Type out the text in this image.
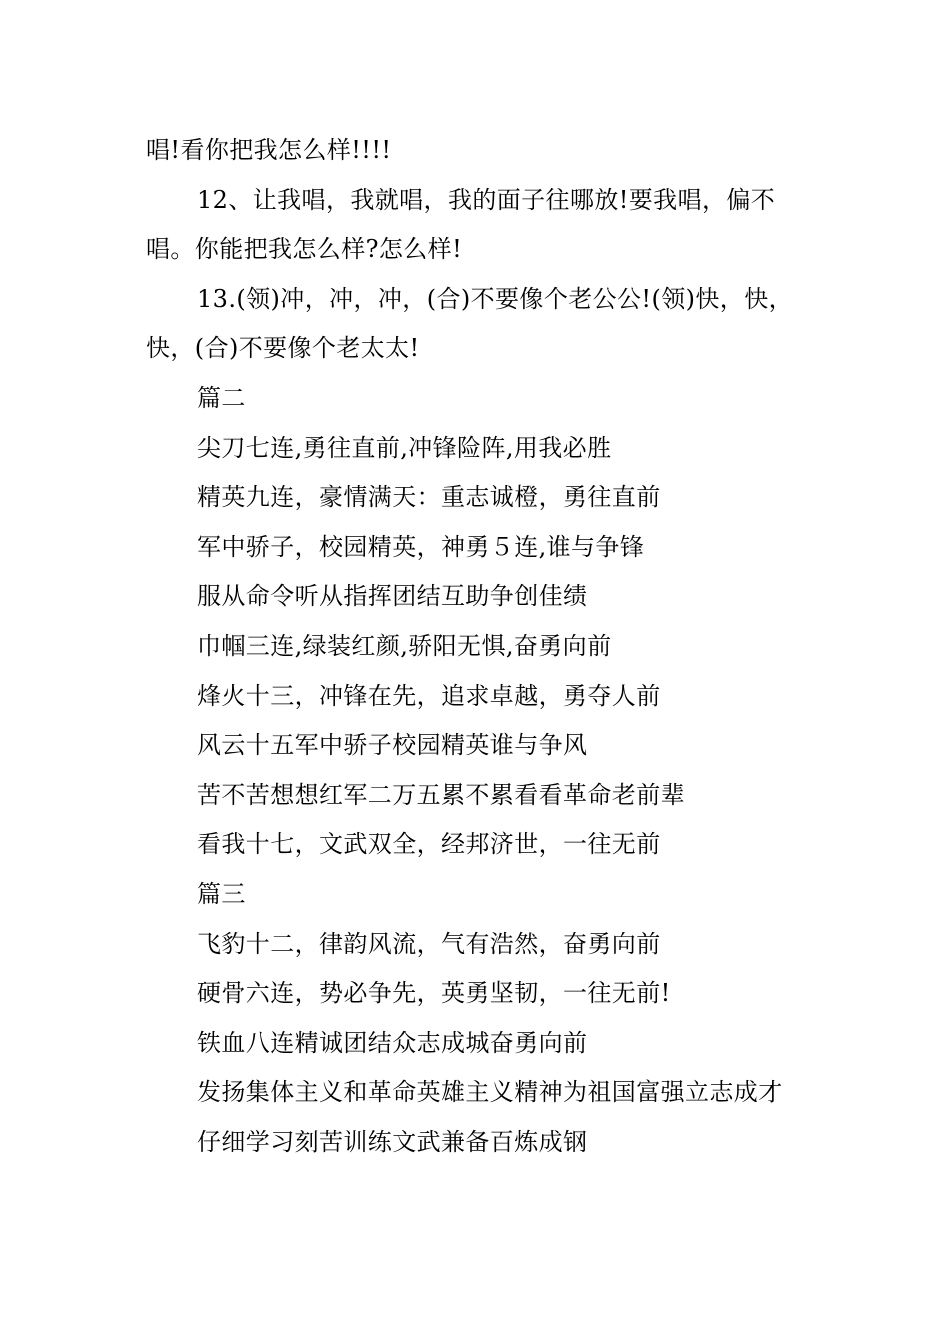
唱!看你把我怎么样!!!!

12、让我唱，我就唱，我的面子往哪放!要我唱，偏不唱。你能把我怎么样?怎么样!

13.(领)冲，冲，冲，(合)不要像个老公公!(领)快，快，快，(合)不要像个老太太!

篇二

尖刀七连,勇往直前,冲锋险阵,用我必胜

精英九连，豪情满天：重志诚橙，勇往直前

军中骄子，校园精英，神勇５连,谁与争锋

服从命令听从指挥团结互助争创佳绩

巾帼三连,绿装红颜,骄阳无惧,奋勇向前

烽火十三，冲锋在先，追求卓越，勇夺人前

风云十五军中骄子校园精英谁与争风

苦不苦想想红军二万五累不累看看革命老前辈

看我十七，文武双全，经邦济世，一往无前

篇三

飞豹十二，律韵风流，气有浩然，奋勇向前

硬骨六连，势必争先，英勇坚韧，一往无前!

铁血八连精诚团结众志成城奋勇向前

发扬集体主义和革命英雄主义精神为祖国富强立志成才

仔细学习刻苦训练文武兼备百炼成钢
